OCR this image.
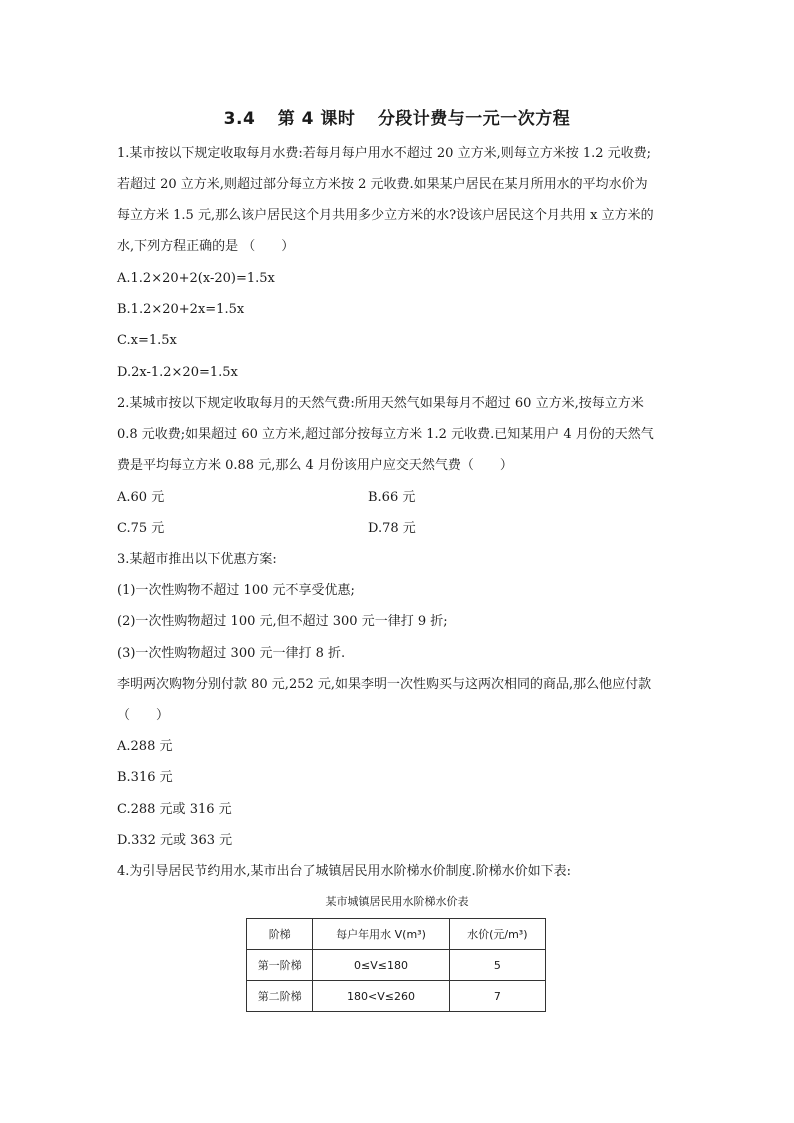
3.4 第 4 课时 分段计费与一元一次方程
1.某市按以下规定收取每月水费:若每月每户用水不超过 20 立方米,则每立方米按 1.2 元收费;
若超过 20 立方米,则超过部分每立方米按 2 元收费.如果某户居民在某月所用水的平均水价为
每立方米 1.5 元,那么该户居民这个月共用多少立方米的水?设该户居民这个月共用 x 立方米的
水,下列方程正确的是 （　　）
A.1.2×20+2(x-20)=1.5x
B.1.2×20+2x=1.5x
C.x=1.5x
D.2x-1.2×20=1.5x
2.某城市按以下规定收取每月的天然气费:所用天然气如果每月不超过 60 立方米,按每立方米
0.8 元收费;如果超过 60 立方米,超过部分按每立方米 1.2 元收费.已知某用户 4 月份的天然气
费是平均每立方米 0.88 元,那么 4 月份该用户应交天然气费（　　）
A.60 元	B.66 元
C.75 元	D.78 元
3.某超市推出以下优惠方案:
(1)一次性购物不超过 100 元不享受优惠;
(2)一次性购物超过 100 元,但不超过 300 元一律打 9 折;
(3)一次性购物超过 300 元一律打 8 折.
李明两次购物分别付款 80 元,252 元,如果李明一次性购买与这两次相同的商品,那么他应付款
（　　）
A.288 元
B.316 元
C.288 元或 316 元
D.332 元或 363 元
4.为引导居民节约用水,某市出台了城镇居民用水阶梯水价制度.阶梯水价如下表:
某市城镇居民用水阶梯水价表
阶梯	每户年用水 V(m³)	水价(元/m³)
第一阶梯	0≤V≤180	5
第二阶梯	180<V≤260	7
